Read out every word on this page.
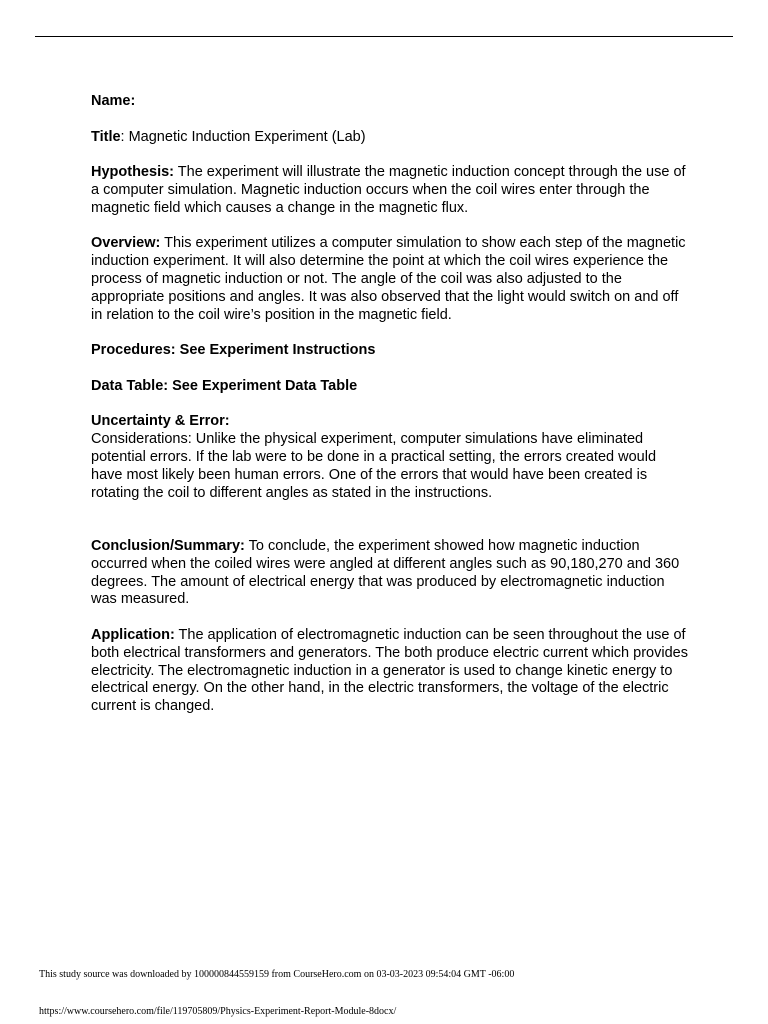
Name:
Title: Magnetic Induction Experiment (Lab)
Hypothesis: The experiment will illustrate the magnetic induction concept through the use of a computer simulation. Magnetic induction occurs when the coil wires enter through the magnetic field which causes a change in the magnetic flux.
Overview: This experiment utilizes a computer simulation to show each step of the magnetic induction experiment. It will also determine the point at which the coil wires experience the process of magnetic induction or not. The angle of the coil was also adjusted to the appropriate positions and angles. It was also observed that the light would switch on and off in relation to the coil wire’s position in the magnetic field.
Procedures: See Experiment Instructions
Data Table: See Experiment Data Table
Uncertainty & Error:
Considerations: Unlike the physical experiment, computer simulations have eliminated potential errors. If the lab were to be done in a practical setting, the errors created would have most likely been human errors. One of the errors that would have been created is rotating the coil to different angles as stated in the instructions.
Conclusion/Summary: To conclude, the experiment showed how magnetic induction occurred when the coiled wires were angled at different angles such as 90,180,270 and 360 degrees. The amount of electrical energy that was produced by electromagnetic induction was measured.
Application: The application of electromagnetic induction can be seen throughout the use of both electrical transformers and generators. The both produce electric current which provides electricity. The electromagnetic induction in a generator is used to change kinetic energy to electrical energy. On the other hand, in the electric transformers, the voltage of the electric current is changed.
This study source was downloaded by 100000844559159 from CourseHero.com on 03-03-2023 09:54:04 GMT -06:00
https://www.coursehero.com/file/119705809/Physics-Experiment-Report-Module-8docx/
